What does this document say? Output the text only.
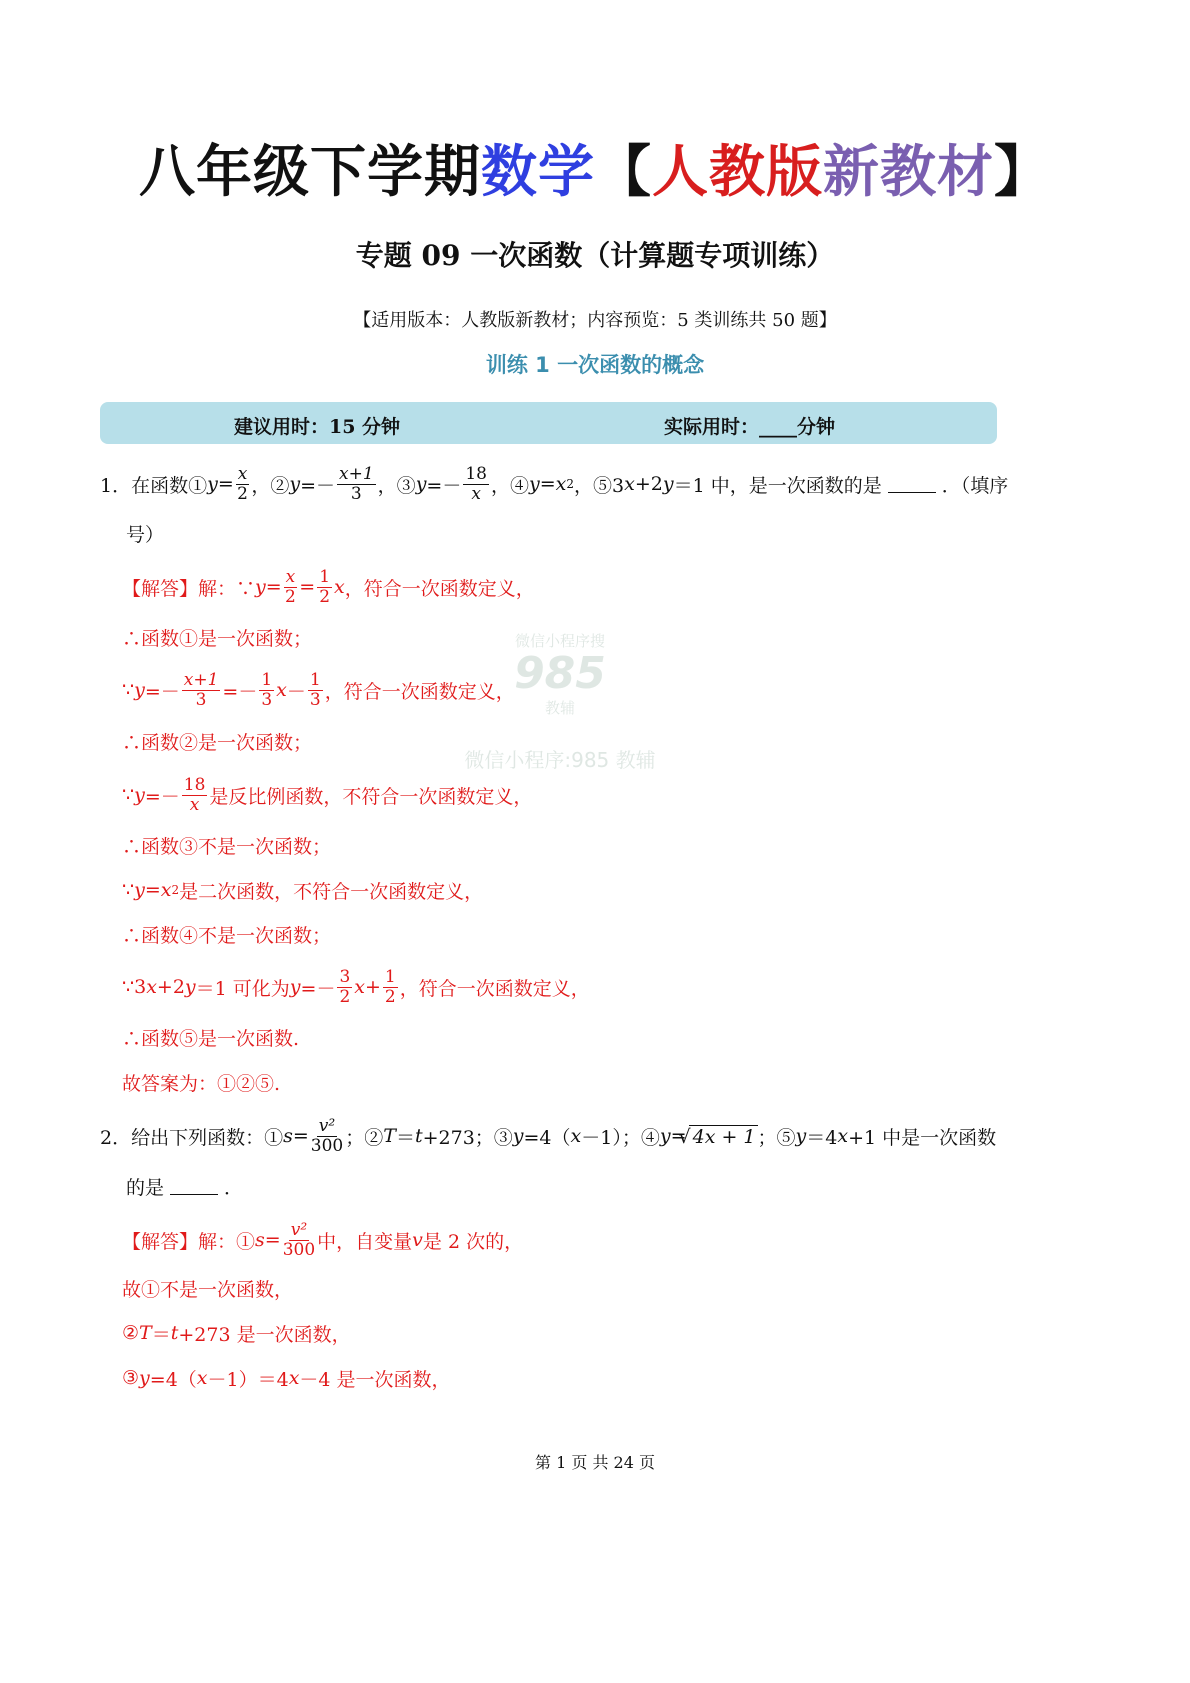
八年级下学期数学【人教版新教材】
专题 09 一次函数（计算题专项训练）
【适用版本：人教版新教材；内容预览：5 类训练共 50 题】
训练 1 一次函数的概念
建议用时：15 分钟	实际用时：____分钟
微信小程序搜
985
教辅
微信小程序:985 教辅
1．在函数① $y = \frac{x}{2}$ ，② $y =- \frac{x+1}{3}$ ，③ $y =- \frac{18}{x}$ ，④ y = x 2 ，⑤3 x +2 y ＝1 中，是一次函数的是	．（填序
号）
【解答】解：∵ $y = \frac{x}{2} = \frac{1}{2}$ x ，符合一次函数定义，
∴函数①是一次函数；
∵ $y =- \frac{x+1}{3} =- \frac{1}{3}$ $x - \frac{1}{3}$ ，符合一次函数定义，
∴函数②是一次函数；
∵ $y =- \frac{18}{x}$ 是反比例函数，不符合一次函数定义，
∴函数③不是一次函数；
∵ y = x 2 是二次函数，不符合一次函数定义，
∴函数④不是一次函数；
∵3 x +2 y ＝1 可化为 $y =- \frac{3}{2}$ $x + \frac{1}{2}$ ，符合一次函数定义，
∴函数⑤是一次函数.
故答案为：①②⑤.
2．给出下列函数：① $s = \frac{\text{v²}}{300}$ ；② T ＝ t +273；③ y =4（ x －1）；④ y = √ 4x + 1 ；⑤ y ＝4 x +1 中是一次函数
的是	．
【解答】解：① $s = \frac{\text{v²}}{300}$ 中，自变量 v 是 2 次的，
故①不是一次函数，
② T ＝ t +273 是一次函数，
③ y =4（ x －1）＝4 x －4 是一次函数，
第 1 页 共 24 页
